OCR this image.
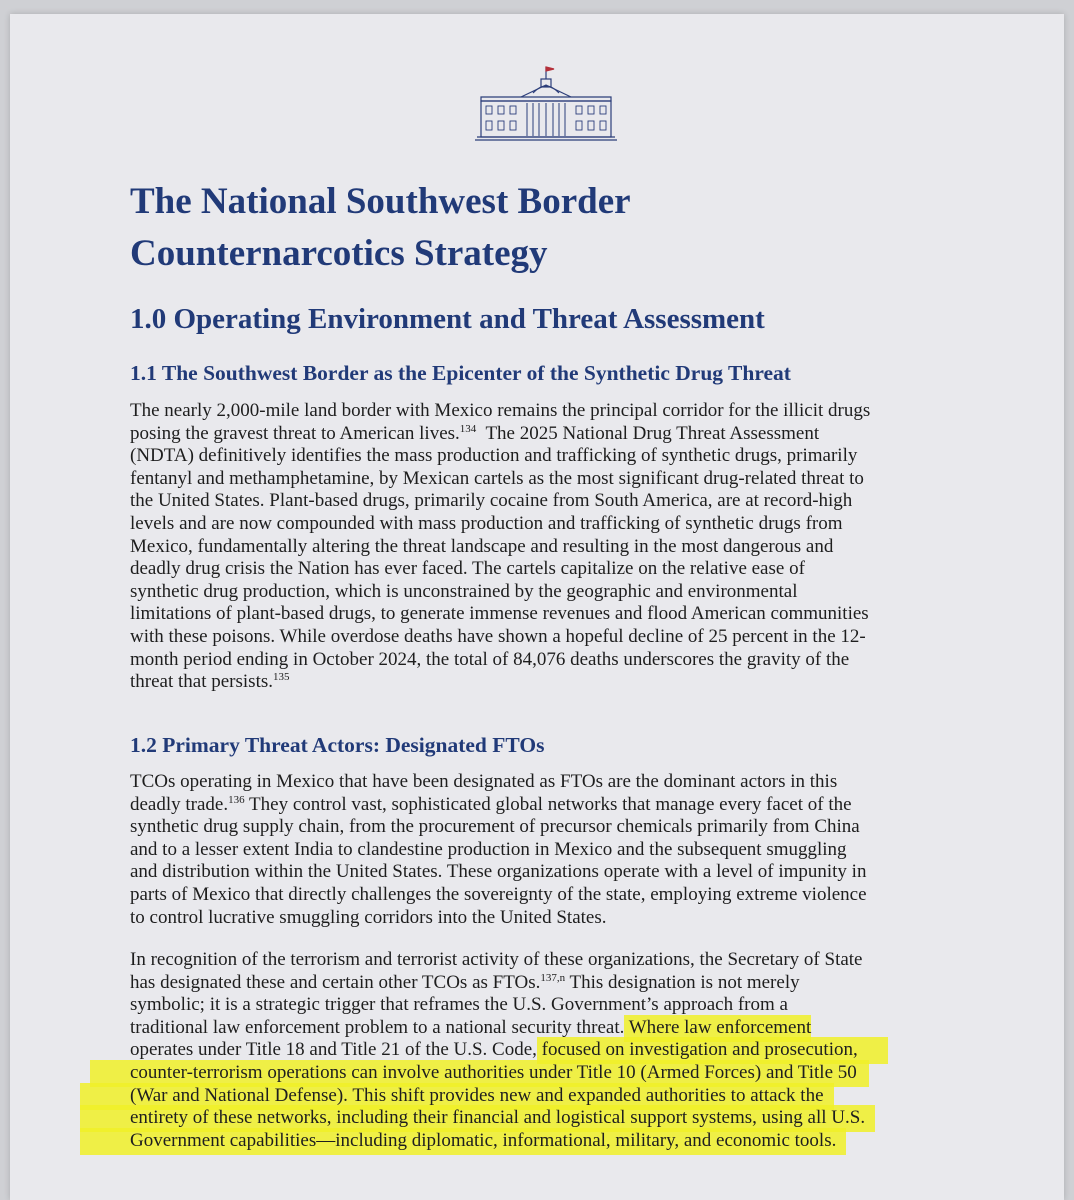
The National Southwest Border
Counternarcotics Strategy
1.0 Operating Environment and Threat Assessment
1.1 The Southwest Border as the Epicenter of the Synthetic Drug Threat

The nearly 2,000-mile land border with Mexico remains the principal corridor for the illicit drugs
posing the gravest threat to American lives.$^{134}$  The 2025 National Drug Threat Assessment
(NDTA) definitively identifies the mass production and trafficking of synthetic drugs, primarily
fentanyl and methamphetamine, by Mexican cartels as the most significant drug-related threat to
the United States. Plant-based drugs, primarily cocaine from South America, are at record-high
levels and are now compounded with mass production and trafficking of synthetic drugs from
Mexico, fundamentally altering the threat landscape and resulting in the most dangerous and
deadly drug crisis the Nation has ever faced. The cartels capitalize on the relative ease of
synthetic drug production, which is unconstrained by the geographic and environmental
limitations of plant-based drugs, to generate immense revenues and flood American communities
with these poisons. While overdose deaths have shown a hopeful decline of 25 percent in the 12-
month period ending in October 2024, the total of 84,076 deaths underscores the gravity of the
threat that persists.$^{135}$

1.2 Primary Threat Actors: Designated FTOs

TCOs operating in Mexico that have been designated as FTOs are the dominant actors in this
deadly trade.$^{136}$ They control vast, sophisticated global networks that manage every facet of the
synthetic drug supply chain, from the procurement of precursor chemicals primarily from China
and to a lesser extent India to clandestine production in Mexico and the subsequent smuggling
and distribution within the United States. These organizations operate with a level of impunity in
parts of Mexico that directly challenges the sovereignty of the state, employing extreme violence
to control lucrative smuggling corridors into the United States.

In recognition of the terrorism and terrorist activity of these organizations, the Secretary of State
has designated these and certain other TCOs as FTOs.$^{137,n}$ This designation is not merely
symbolic; it is a strategic trigger that reframes the U.S. Government’s approach from a
traditional law enforcement problem to a national security threat. Where law enforcement
operates under Title 18 and Title 21 of the U.S. Code, focused on investigation and prosecution,
counter-terrorism operations can involve authorities under Title 10 (Armed Forces) and Title 50
(War and National Defense). This shift provides new and expanded authorities to attack the
entirety of these networks, including their financial and logistical support systems, using all U.S.
Government capabilities—including diplomatic, informational, military, and economic tools.
